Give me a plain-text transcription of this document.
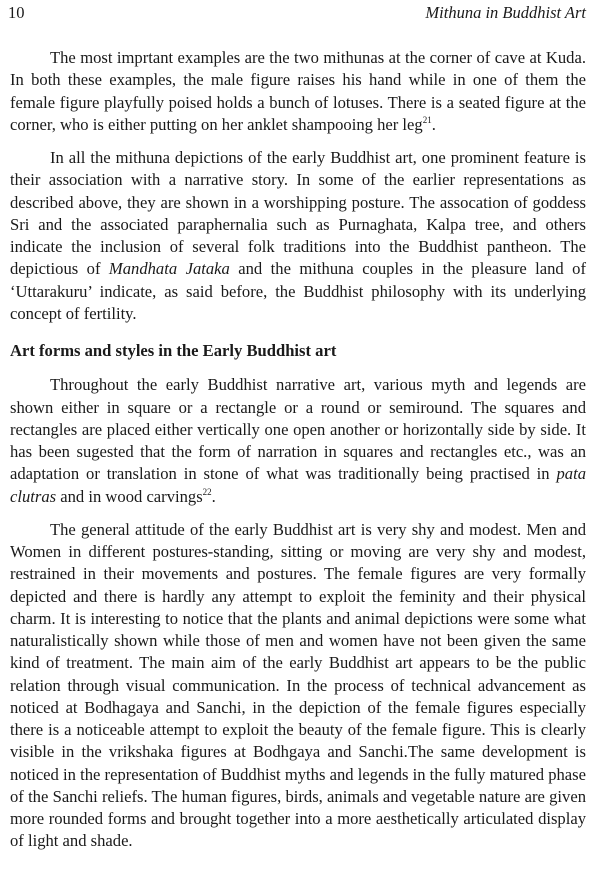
10	Mithuna in Buddhist Art

The most imprtant examples are the two mithunas at the corner of cave at Kuda. In both these examples, the male figure raises his hand while in one of them the female figure playfully poised holds a bunch of lotuses. There is a seated figure at the corner, who is either putting on her anklet shampooing her leg$^{21}$.

In all the mithuna depictions of the early Buddhist art, one prominent feature is their association with a narrative story. In some of the earlier representations as described above, they are shown in a worshipping posture. The assocation of goddess Sri and the associated paraphernalia such as Purnaghata, Kalpa tree, and others indicate the inclusion of several folk traditions into the Buddhist pantheon. The depictious of Mandhata Jataka and the mithuna couples in the pleasure land of ‘Uttarakuru’ indicate, as said before, the Buddhist philosophy with its underlying concept of fertility.

Art forms and styles in the Early Buddhist art

Throughout the early Buddhist narrative art, various myth and legends are shown either in square or a rectangle or a round or semiround. The squares and rectangles are placed either vertically one open another or horizontally side by side. It has been sugested that the form of narration in squares and rectangles etc., was an adaptation or translation in stone of what was traditionally being practised in pata clutras and in wood carvings$^{22}$.

The general attitude of the early Buddhist art is very shy and modest. Men and Women in different postures-standing, sitting or moving are very shy and modest, restrained in their movements and postures. The female figures are very formally depicted and there is hardly any attempt to exploit the feminity and their physical charm. It is interesting to notice that the plants and animal depictions were some what naturalistically shown while those of men and women have not been given the same kind of treatment. The main aim of the early Buddhist art appears to be the public relation through visual communication. In the process of technical advancement as noticed at Bodhagaya and Sanchi, in the depiction of the female figures especially there is a noticeable attempt to exploit the beauty of the female figure. This is clearly visible in the vrikshaka figures at Bodhgaya and Sanchi.The same development is noticed in the representation of Buddhist myths and legends in the fully matured phase of the Sanchi reliefs. The human figures, birds, animals and vegetable nature are given more rounded forms and brought together into a more aesthetically articulated display of light and shade.
